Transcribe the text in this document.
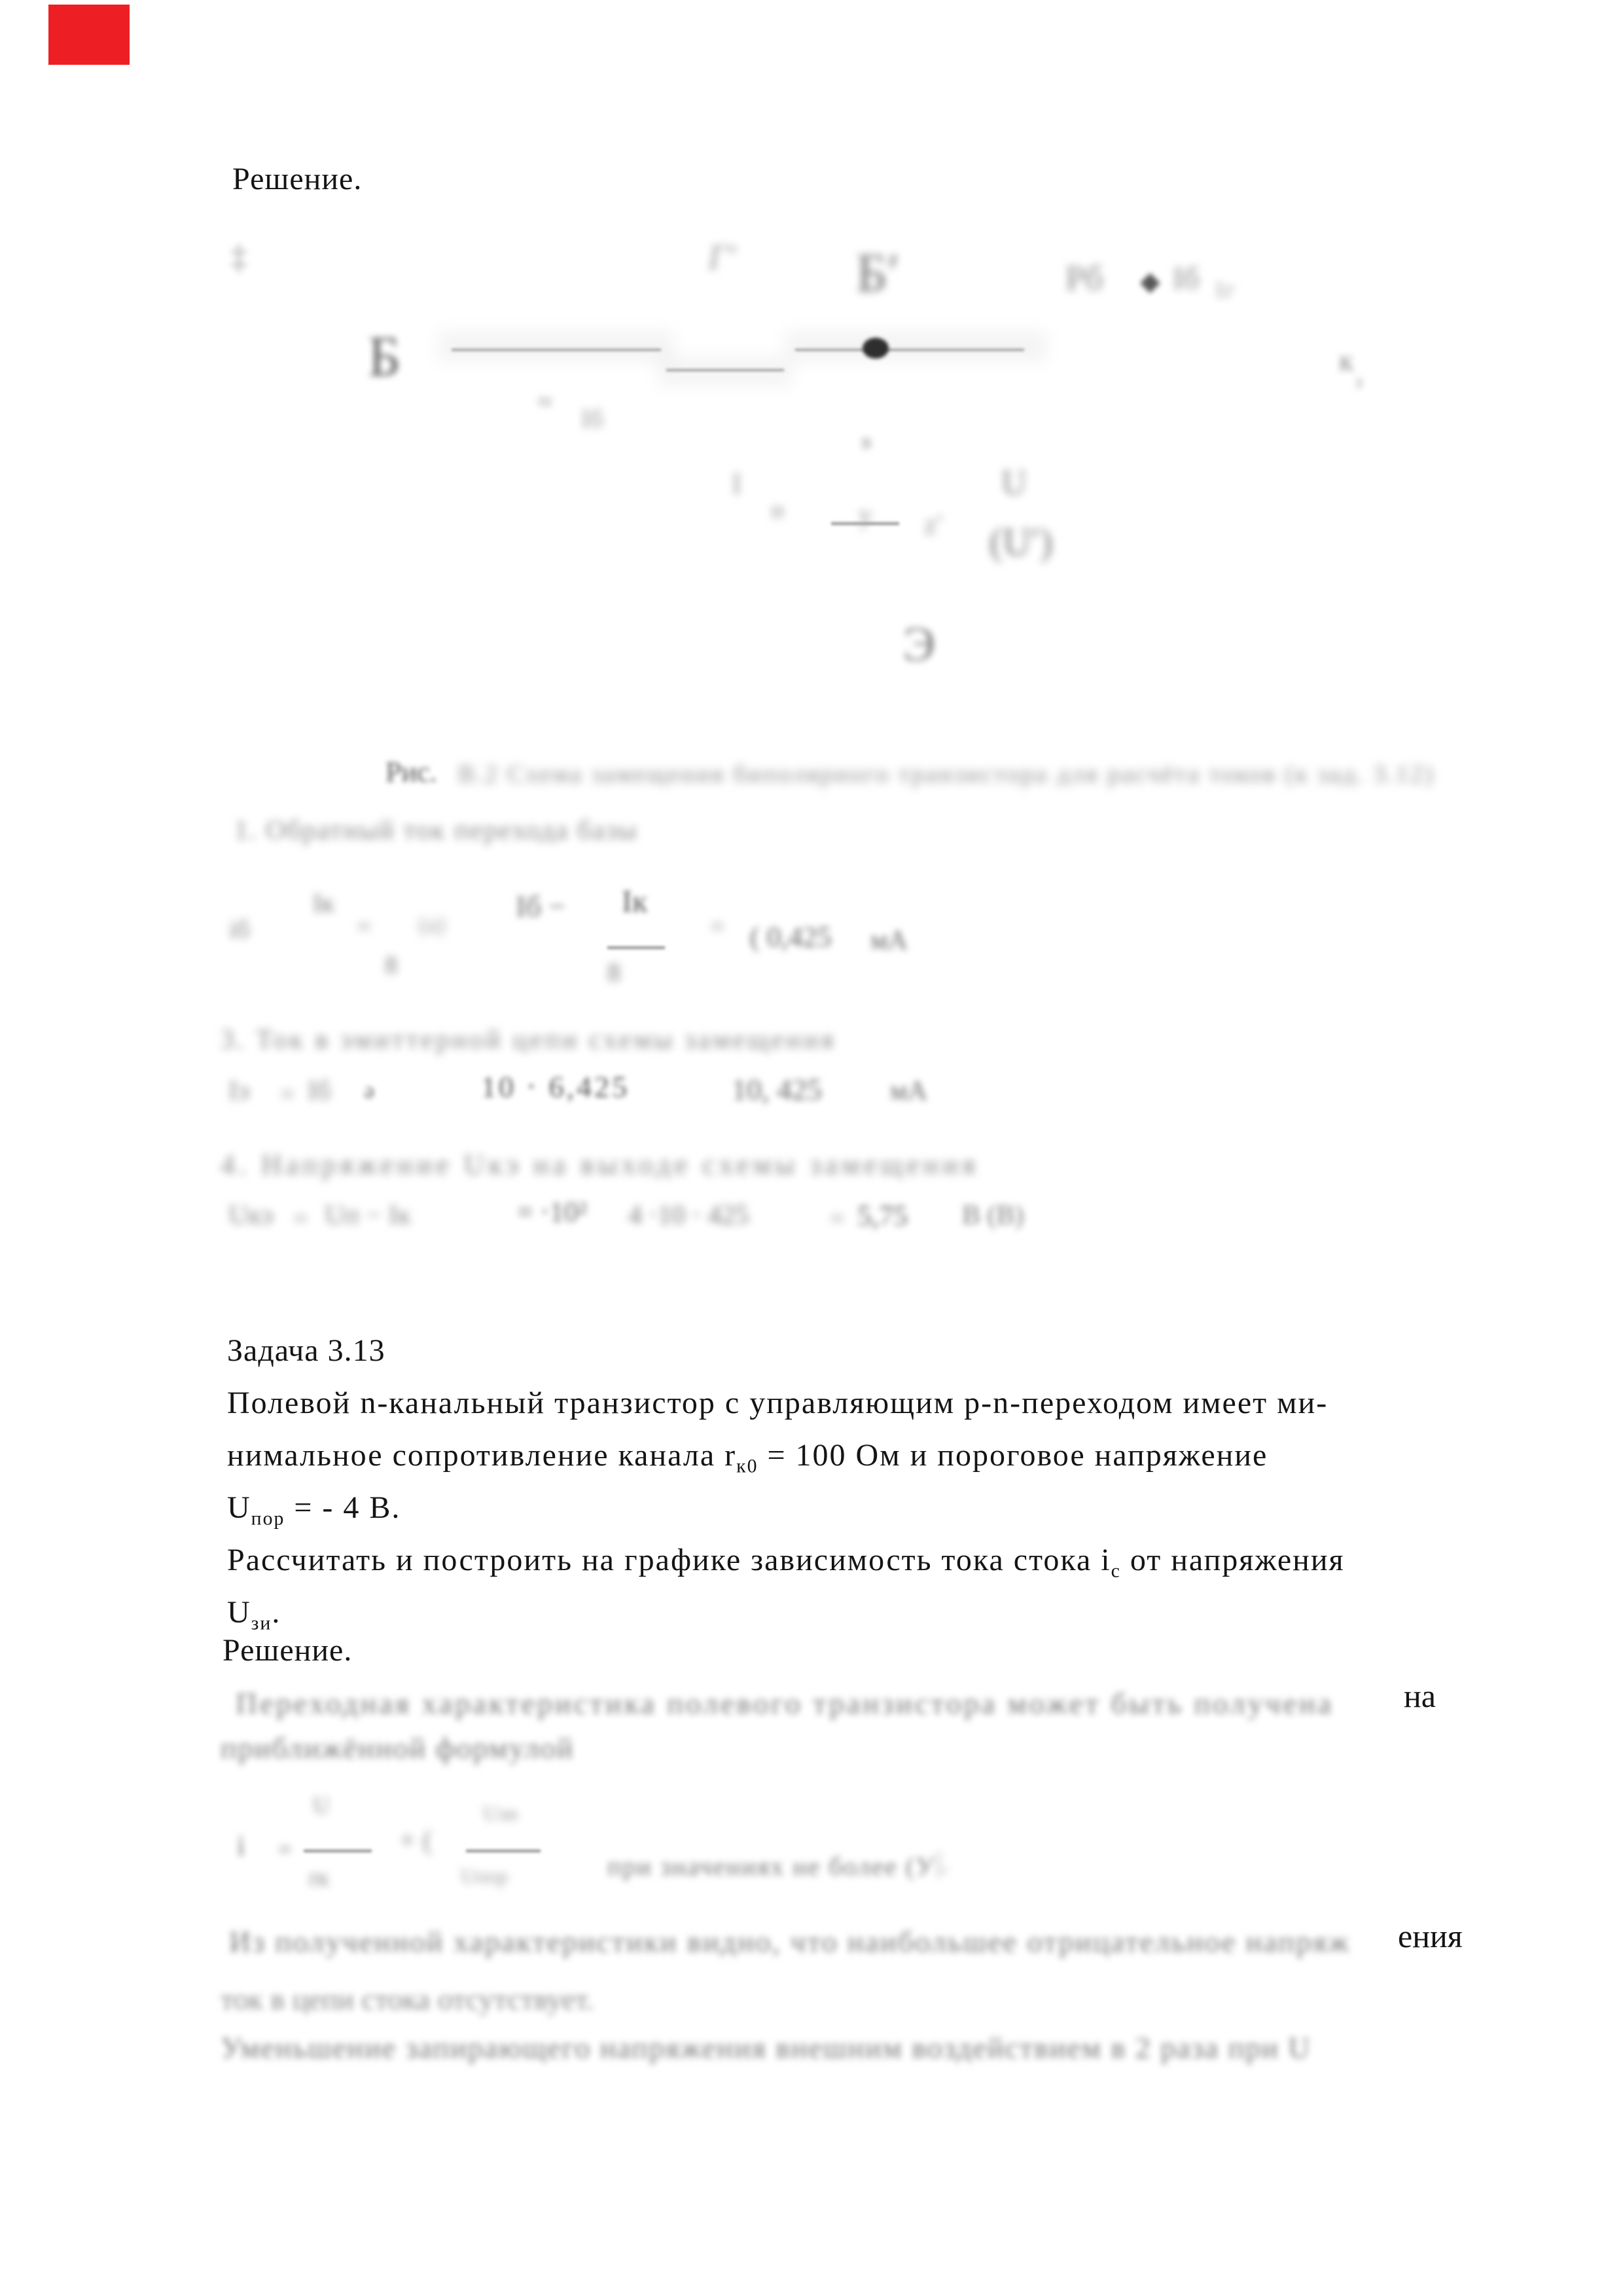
Решение.
‡	Г′ Б′	Рб ◆ Iб 1г
Б	к
з
≈
Iб
в
I
и	у z′
U
(U′)
Э
Рис. В.2 Схема замещения биполярного транзистора для расчёта токов (к зад. 3.12)
1. Обратный ток перехода базы
iб
Iк
8
= (а)
Iб − Iк
8
= ( 0,425 мА
3. Ток в эмиттерной цепи схемы замещения
Iэ = Iб ə	10 ⋅ 6,425	10, 425 мА
4. Напряжение Uкэ на выходе схемы замещения
Uкэ = Uп − Iк	= ⋅10² 4 ⋅10 ⋅ 425	= 5,75 В (В)
Задача 3.13
Полевой n-канальный транзистор с управляющим p-n-переходом имеет ми-
нимальное сопротивление канала $r_{к0} = 100$ Ом и пороговое напряжение
$U_{пор}$ = - 4 В.
Рассчитать и построить на графике зависимость тока стока $i_с$ от напряжения
$U_{зи}$.
Решение.
Переходная характеристика полевого транзистора может быть получена на
приближённой формулой
i =
U
rк
+ (
Uзи
Uпор	при значениях не более (У |.
Из полученной характеристики видно, что наибольшее отрицательное напряж ения
ток в цепи стока отсутствует.
Уменьшение запирающего напряжения внешним воздействием в 2 раза при U
